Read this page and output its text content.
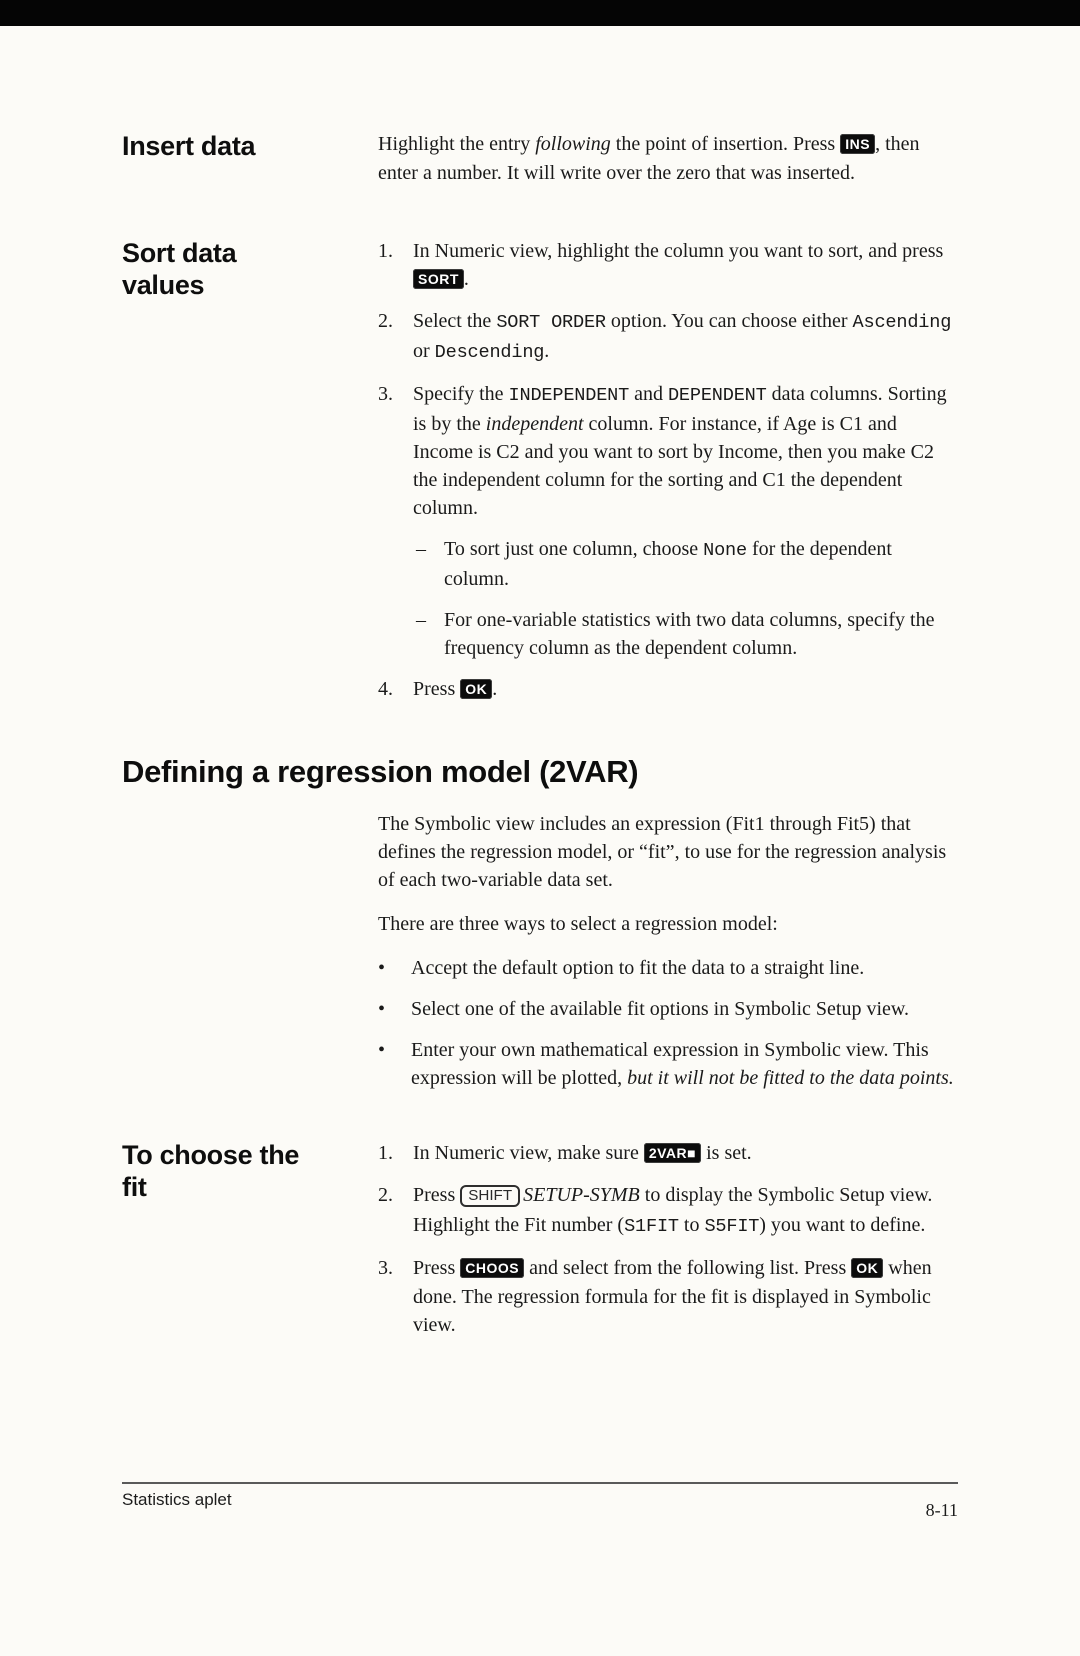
Insert data	Highlight the entry following the point of insertion. Press INS , then enter a number. It will write over the zero that was inserted.

Sort data
values
1.	In Numeric view, highlight the column you want to sort, and press SORT .
2.	Select the SORT ORDER option. You can choose either Ascending or Descending.
3.	Specify the INDEPENDENT and DEPENDENT data columns. Sorting is by the independent column. For instance, if Age is C1 and Income is C2 and you want to sort by Income, then you make C2 the independent column for the sorting and C1 the dependent column.
– To sort just one column, choose None for the dependent column.
– For one-variable statistics with two data columns, specify the frequency column as the dependent column.
4.	Press OK .
Defining a regression model (2VAR)

The Symbolic view includes an expression (Fit1 through Fit5) that defines the regression model, or “fit”, to use for the regression analysis of each two-variable data set.

There are three ways to select a regression model:

•	Accept the default option to fit the data to a straight line.
•	Select one of the available fit options in Symbolic Setup view.
•	Enter your own mathematical expression in Symbolic view. This expression will be plotted, but it will not be fitted to the data points.
To choose the
fit
1.	In Numeric view, make sure 2VAR■ is set.
2.	Press SHIFT SETUP-SYMB to display the Symbolic Setup view. Highlight the Fit number (S1FIT to S5FIT) you want to define.
3.	Press CHOOS and select from the following list. Press OK when done. The regression formula for the fit is displayed in Symbolic view.
Statistics aplet
8-11
